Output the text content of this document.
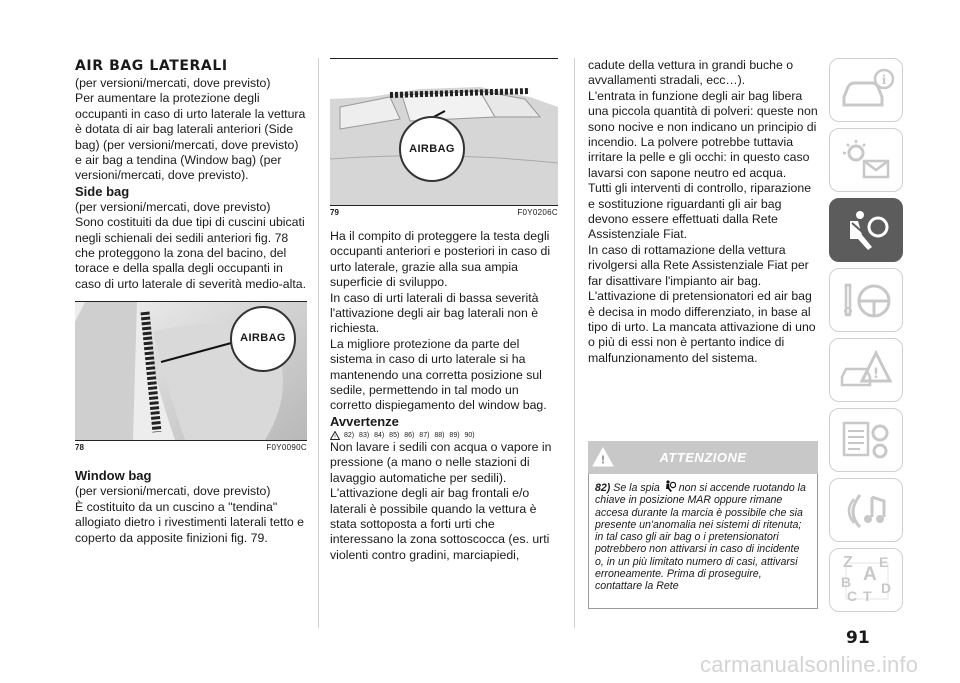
AIR BAG LATERALI

(per versioni/mercati, dove previsto)

Per aumentare la protezione degli occupanti in caso di urto laterale la vettura è dotata di air bag laterali anteriori (Side bag) (per versioni/mercati, dove previsto) e air bag a tendina (Window bag) (per versioni/mercati, dove previsto).

Side bag

(per versioni/mercati, dove previsto)

Sono costituiti da due tipi di cuscini ubicati negli schienali dei sedili anteriori fig. 78 che proteggono la zona del bacino, del torace e della spalla degli occupanti in caso di urto laterale di severità medio-alta.

AIRBAG
78	F0Y0090C
Window bag

(per versioni/mercati, dove previsto)

È costituito da un cuscino a "tendina" allogiato dietro i rivestimenti laterali tetto e coperto da apposite finizioni fig. 79.

AIRBAG
79	F0Y0206C

Ha il compito di proteggere la testa degli occupanti anteriori e posteriori in caso di urto laterale, grazie alla sua ampia superficie di sviluppo.

In caso di urti laterali di bassa severità l'attivazione degli air bag laterali non è richiesta.

La migliore protezione da parte del sistema in caso di urto laterale si ha mantenendo una corretta posizione sul sedile, permettendo in tal modo un corretto dispiegamento del window bag.

Avvertenze
! 82) 83) 84) 85) 86) 87) 88) 89) 90)

Non lavare i sedili con acqua o vapore in pressione (a mano o nelle stazioni di lavaggio automatiche per sedili).

L'attivazione degli air bag frontali e/o laterali è possibile quando la vettura è stata sottoposta a forti urti che interessano la zona sottoscocca (es. urti violenti contro gradini, marciapiedi,

cadute della vettura in grandi buche o avvallamenti stradali, ecc…).

L'entrata in funzione degli air bag libera una piccola quantità di polveri: queste non sono nocive e non indicano un principio di incendio. La polvere potrebbe tuttavia irritare la pelle e gli occhi: in questo caso lavarsi con sapone neutro ed acqua.

Tutti gli interventi di controllo, riparazione e sostituzione riguardanti gli air bag devono essere effettuati dalla Rete Assistenziale Fiat.

In caso di rottamazione della vettura rivolgersi alla Rete Assistenziale Fiat per far disattivare l'impianto air bag.

L'attivazione di pretensionatori ed air bag è decisa in modo differenziato, in base al tipo di urto. La mancata attivazione di uno o più di essi non è pertanto indice di malfunzionamento del sistema.

!	ATTENZIONE
82) Se la spia non si accende ruotando la chiave in posizione MAR oppure rimane accesa durante la marcia è possibile che sia presente un'anomalia nei sistemi di ritenuta; in tal caso gli air bag o i pretensionatori potrebbero non attivarsi in caso di incidente o, in un più limitato numero di casi, attivarsi erroneamente. Prima di proseguire, contattare la Rete
i
!
Z E
A
B
C T D
91
carmanualsonline.info
